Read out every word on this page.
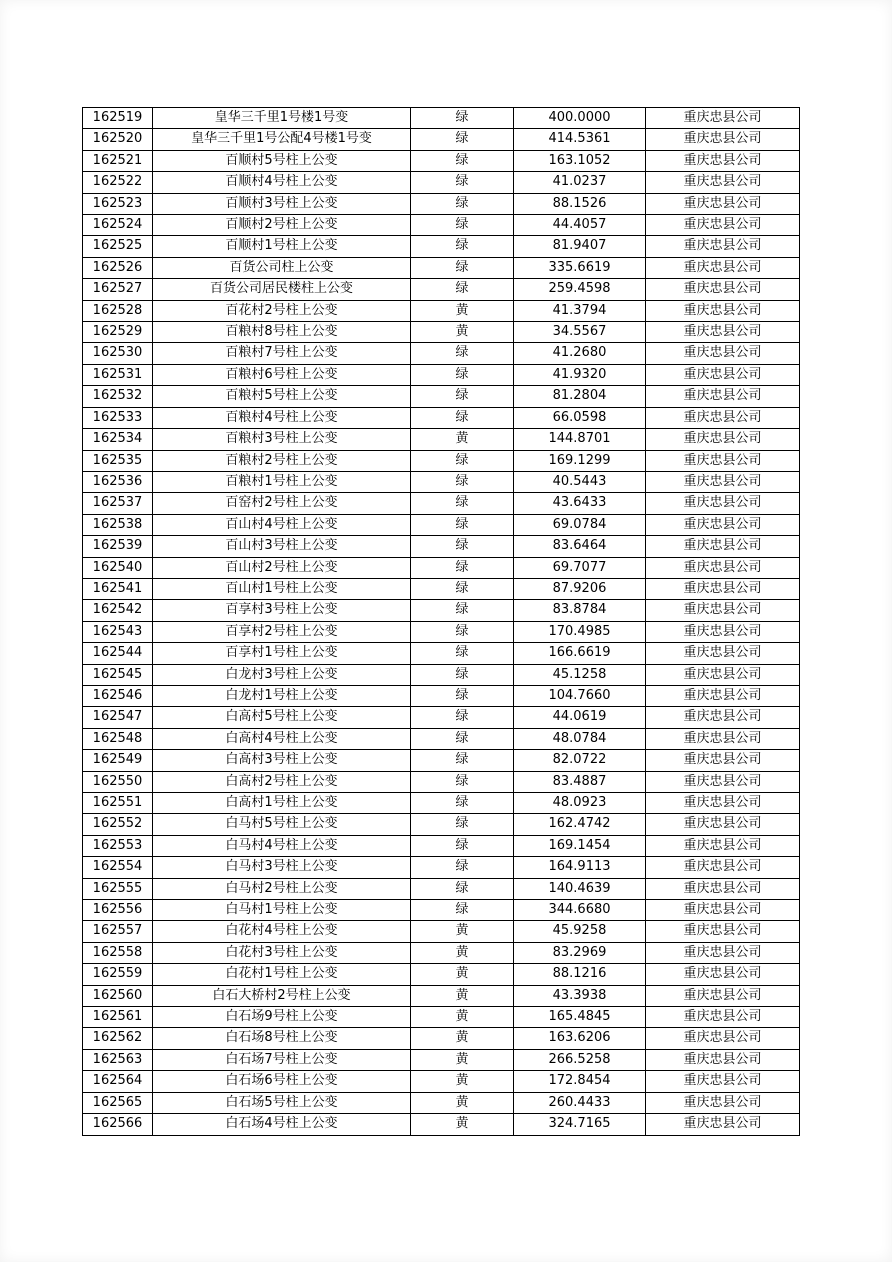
162519	皇华三千里1号楼1号变	绿	400.0000	重庆忠县公司
162520	皇华三千里1号公配4号楼1号变	绿	414.5361	重庆忠县公司
162521	百顺村5号柱上公变	绿	163.1052	重庆忠县公司
162522	百顺村4号柱上公变	绿	41.0237	重庆忠县公司
162523	百顺村3号柱上公变	绿	88.1526	重庆忠县公司
162524	百顺村2号柱上公变	绿	44.4057	重庆忠县公司
162525	百顺村1号柱上公变	绿	81.9407	重庆忠县公司
162526	百货公司柱上公变	绿	335.6619	重庆忠县公司
162527	百货公司居民楼柱上公变	绿	259.4598	重庆忠县公司
162528	百花村2号柱上公变	黄	41.3794	重庆忠县公司
162529	百粮村8号柱上公变	黄	34.5567	重庆忠县公司
162530	百粮村7号柱上公变	绿	41.2680	重庆忠县公司
162531	百粮村6号柱上公变	绿	41.9320	重庆忠县公司
162532	百粮村5号柱上公变	绿	81.2804	重庆忠县公司
162533	百粮村4号柱上公变	绿	66.0598	重庆忠县公司
162534	百粮村3号柱上公变	黄	144.8701	重庆忠县公司
162535	百粮村2号柱上公变	绿	169.1299	重庆忠县公司
162536	百粮村1号柱上公变	绿	40.5443	重庆忠县公司
162537	百窑村2号柱上公变	绿	43.6433	重庆忠县公司
162538	百山村4号柱上公变	绿	69.0784	重庆忠县公司
162539	百山村3号柱上公变	绿	83.6464	重庆忠县公司
162540	百山村2号柱上公变	绿	69.7077	重庆忠县公司
162541	百山村1号柱上公变	绿	87.9206	重庆忠县公司
162542	百享村3号柱上公变	绿	83.8784	重庆忠县公司
162543	百享村2号柱上公变	绿	170.4985	重庆忠县公司
162544	百享村1号柱上公变	绿	166.6619	重庆忠县公司
162545	白龙村3号柱上公变	绿	45.1258	重庆忠县公司
162546	白龙村1号柱上公变	绿	104.7660	重庆忠县公司
162547	白高村5号柱上公变	绿	44.0619	重庆忠县公司
162548	白高村4号柱上公变	绿	48.0784	重庆忠县公司
162549	白高村3号柱上公变	绿	82.0722	重庆忠县公司
162550	白高村2号柱上公变	绿	83.4887	重庆忠县公司
162551	白高村1号柱上公变	绿	48.0923	重庆忠县公司
162552	白马村5号柱上公变	绿	162.4742	重庆忠县公司
162553	白马村4号柱上公变	绿	169.1454	重庆忠县公司
162554	白马村3号柱上公变	绿	164.9113	重庆忠县公司
162555	白马村2号柱上公变	绿	140.4639	重庆忠县公司
162556	白马村1号柱上公变	绿	344.6680	重庆忠县公司
162557	白花村4号柱上公变	黄	45.9258	重庆忠县公司
162558	白花村3号柱上公变	黄	83.2969	重庆忠县公司
162559	白花村1号柱上公变	黄	88.1216	重庆忠县公司
162560	白石大桥村2号柱上公变	黄	43.3938	重庆忠县公司
162561	白石场9号柱上公变	黄	165.4845	重庆忠县公司
162562	白石场8号柱上公变	黄	163.6206	重庆忠县公司
162563	白石场7号柱上公变	黄	266.5258	重庆忠县公司
162564	白石场6号柱上公变	黄	172.8454	重庆忠县公司
162565	白石场5号柱上公变	黄	260.4433	重庆忠县公司
162566	白石场4号柱上公变	黄	324.7165	重庆忠县公司
